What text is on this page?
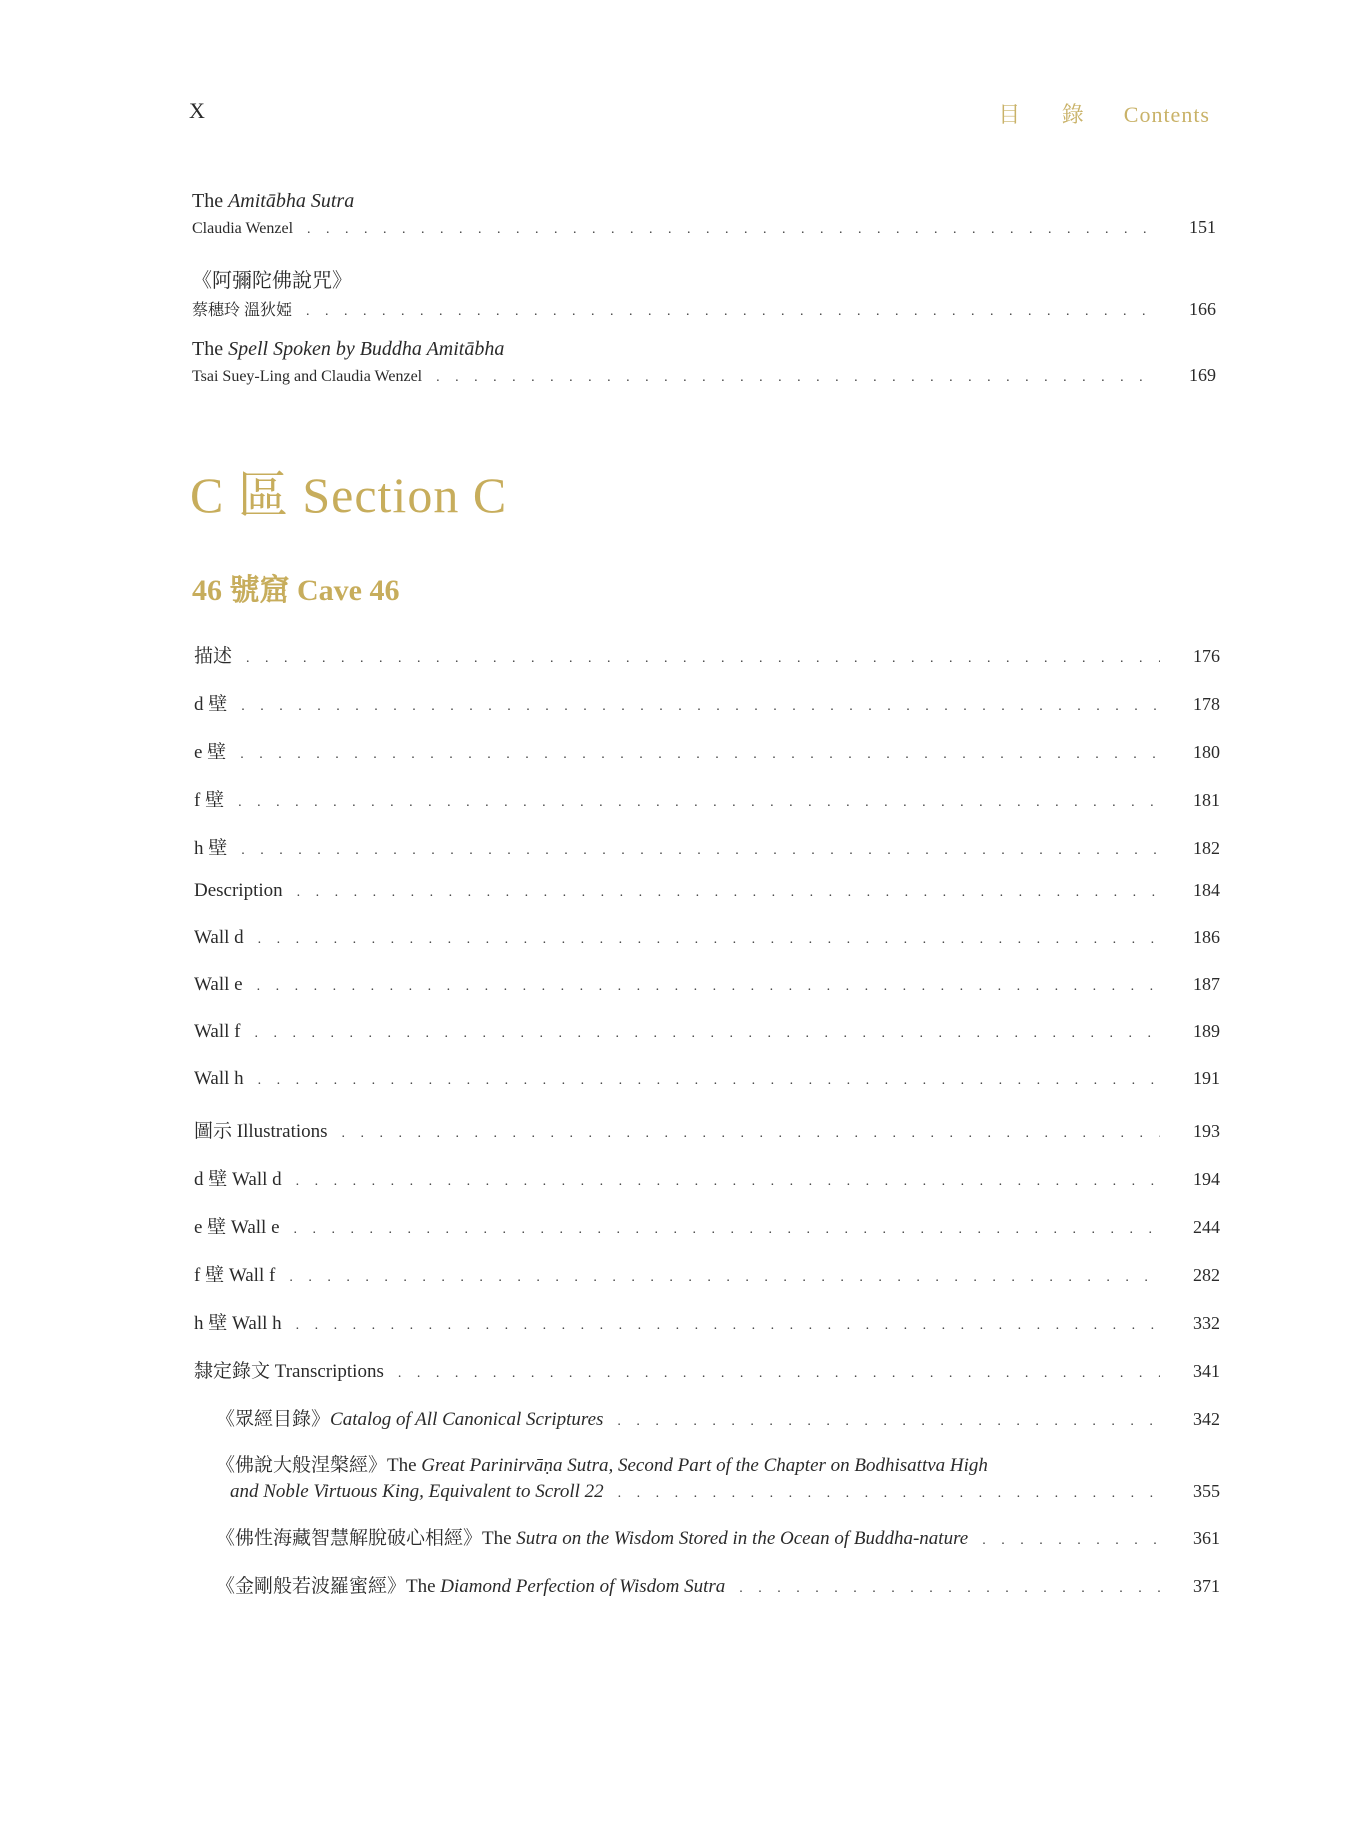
X	目 錄 Contents
The Amitābha Sutra
Claudia Wenzel . . .	151
《阿彌陀佛說咒》
蔡穗玲 溫狄婭 . . .	166
The Spell Spoken by Buddha Amitābha
Tsai Suey-Ling and Claudia Wenzel . . .	169
C 區 Section C
46 號窟 Cave 46
描述 . . .	176
d 壁 . . .	178
e 壁 . . .	180
f 壁 . . .	181
h 壁 . . .	182
Description . . .	184
Wall d . . .	186
Wall e . . .	187
Wall f . . .	189
Wall h . . .	191
圖示 Illustrations . . .	193
d 壁 Wall d . . .	194
e 壁 Wall e . . .	244
f 壁 Wall f . . .	282
h 壁 Wall h . . .	332
隸定錄文 Transcriptions . . .	341
《眾經目錄》Catalog of All Canonical Scriptures . . .	342
《佛說大般涅槃經》The Great Parinirvāṇa Sutra, Second Part of the Chapter on Bodhisattva High
and Noble Virtuous King, Equivalent to Scroll 22 . . .	355
《佛性海藏智慧解脫破心相經》The Sutra on the Wisdom Stored in the Ocean of Buddha-nature . . .	361
《金剛般若波羅蜜經》The Diamond Perfection of Wisdom Sutra . . .	371
